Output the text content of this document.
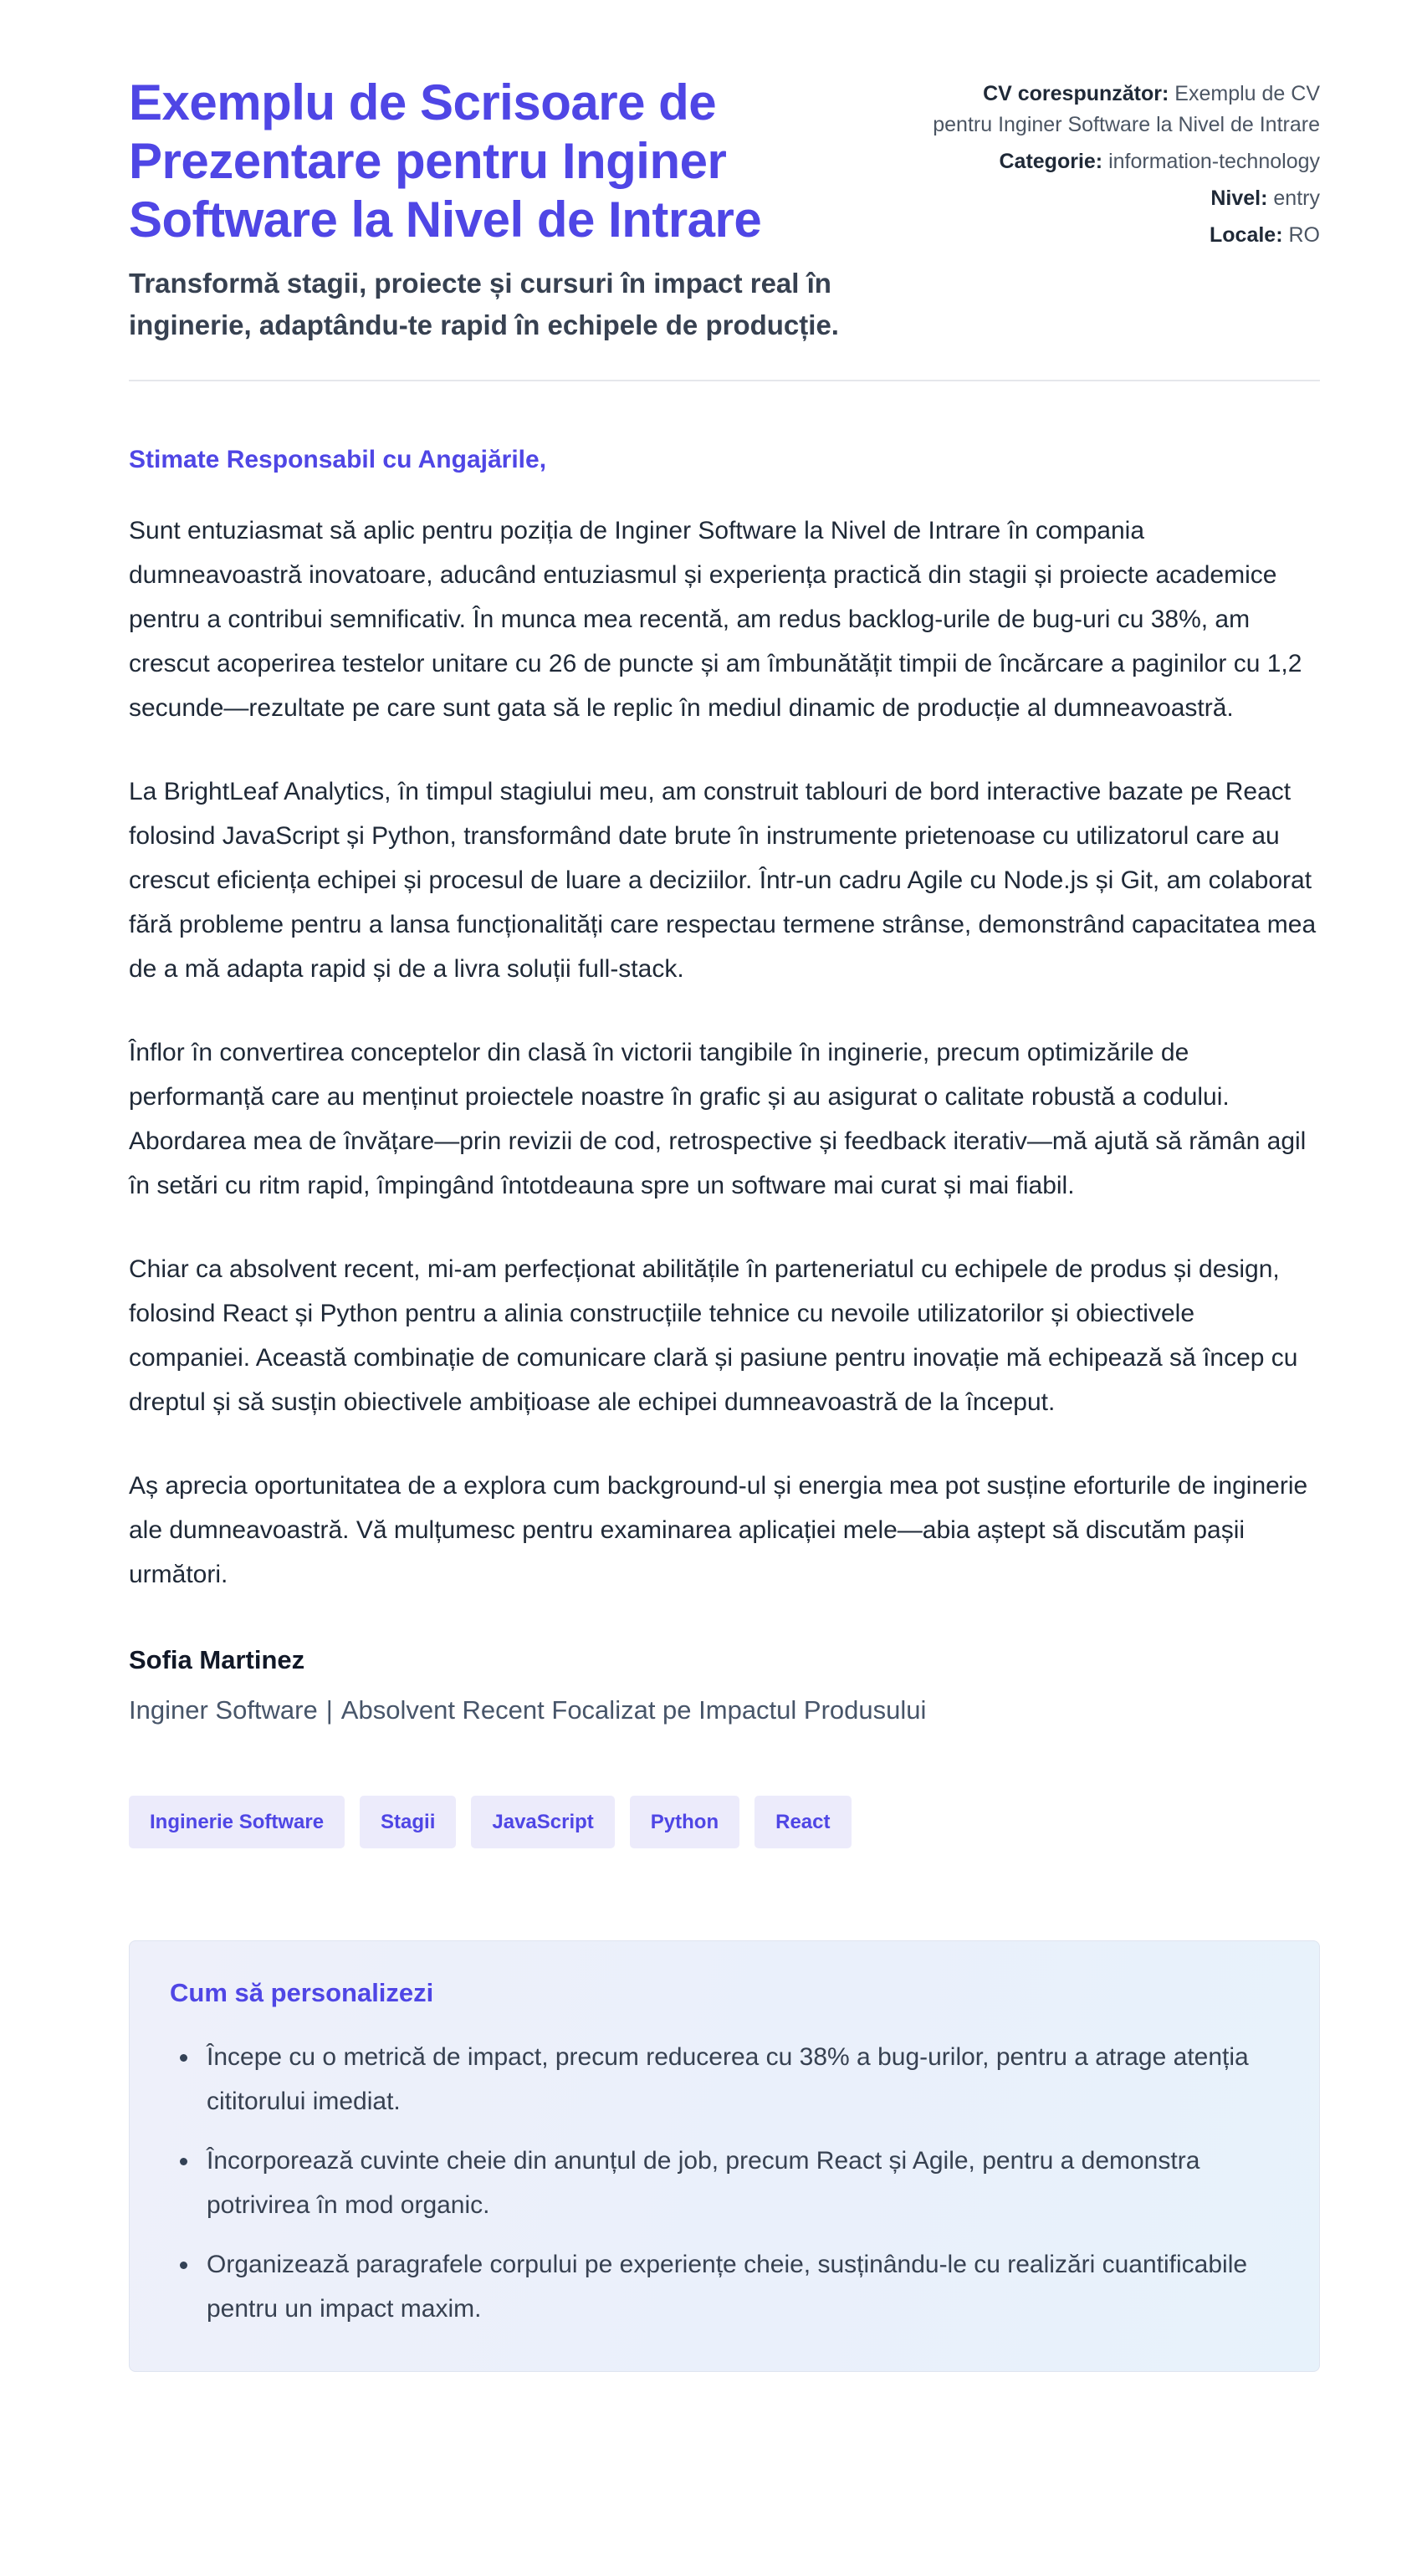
Exemplu de Scrisoare de
Prezentare pentru Inginer
Software la Nivel de Intrare

Transformă stagii, proiecte și cursuri în impact real în inginerie, adaptându-te rapid în echipele de producție.

CV corespunzător: Exemplu de CV pentru Inginer Software la Nivel de Intrare
Categorie: information-technology
Nivel: entry
Locale: RO

Stimate Responsabil cu Angajările,

Sunt entuziasmat să aplic pentru poziția de Inginer Software la Nivel de Intrare în compania dumneavoastră inovatoare, aducând entuziasmul și experiența practică din stagii și proiecte academice pentru a contribui semnificativ. În munca mea recentă, am redus backlog-urile de bug-uri cu 38%, am crescut acoperirea testelor unitare cu 26 de puncte și am îmbunătățit timpii de încărcare a paginilor cu 1,2 secunde—rezultate pe care sunt gata să le replic în mediul dinamic de producție al dumneavoastră.

La BrightLeaf Analytics, în timpul stagiului meu, am construit tablouri de bord interactive bazate pe React folosind JavaScript și Python, transformând date brute în instrumente prietenoase cu utilizatorul care au crescut eficiența echipei și procesul de luare a deciziilor. Într-un cadru Agile cu Node.js și Git, am colaborat fără probleme pentru a lansa funcționalități care respectau termene strânse, demonstrând capacitatea mea de a mă adapta rapid și de a livra soluții full-stack.

Înflor în convertirea conceptelor din clasă în victorii tangibile în inginerie, precum optimizările de performanță care au menținut proiectele noastre în grafic și au asigurat o calitate robustă a codului. Abordarea mea de învățare—prin revizii de cod, retrospective și feedback iterativ—mă ajută să rămân agil în setări cu ritm rapid, împingând întotdeauna spre un software mai curat și mai fiabil.

Chiar ca absolvent recent, mi-am perfecționat abilitățile în parteneriatul cu echipele de produs și design, folosind React și Python pentru a alinia construcțiile tehnice cu nevoile utilizatorilor și obiectivele companiei. Această combinație de comunicare clară și pasiune pentru inovație mă echipează să încep cu dreptul și să susțin obiectivele ambițioase ale echipei dumneavoastră de la început.

Aș aprecia oportunitatea de a explora cum background-ul și energia mea pot susține eforturile de inginerie ale dumneavoastră. Vă mulțumesc pentru examinarea aplicației mele—abia aștept să discutăm pașii următori.

Sofia Martinez
Inginer Software | Absolvent Recent Focalizat pe Impactul Produsului
Inginerie Software	Stagii	JavaScript	Python	React
Cum să personalizezi
• Începe cu o metrică de impact, precum reducerea cu 38% a bug-urilor, pentru a atrage atenția cititorului imediat.
• Încorporează cuvinte cheie din anunțul de job, precum React și Agile, pentru a demonstra potrivirea în mod organic.
• Organizează paragrafele corpului pe experiențe cheie, susținându-le cu realizări cuantificabile pentru un impact maxim.
